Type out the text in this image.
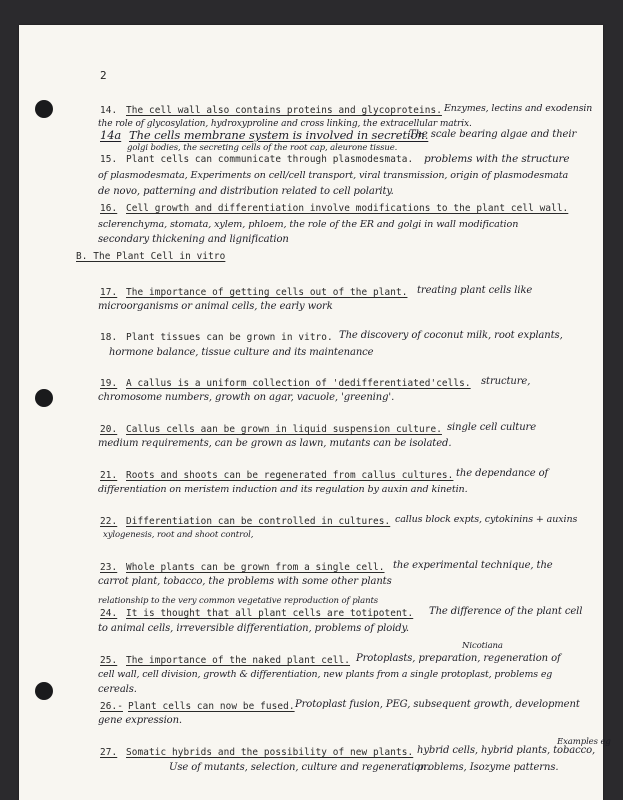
2
14. The cell wall also contains proteins and glycoproteins. Enzymes, lectins and exodensin
the role of glycosylation, hydroxyproline and cross linking, the extracellular matrix.
14a The cells membrane system is involved in secretion.
The scale bearing algae and their
golgi bodies, the secreting cells of the root cap, aleurone tissue.
15. Plant cells can communicate through plasmodesmata. problems with the structure
of plasmodesmata, Experiments on cell/cell transport, viral transmission, origin of plasmodesmata
de novo, patterning and distribution related to cell polarity.
16. Cell growth and differentiation involve modifications to the plant cell wall.
sclerenchyma, stomata, xylem, phloem, the role of the ER and golgi in wall modification
secondary thickening and lignification
B. The Plant Cell in vitro
17. The importance of getting cells out of the plant. treating plant cells like
microorganisms or animal cells, the early work
18. Plant tissues can be grown in vitro. The discovery of coconut milk, root explants,
hormone balance, tissue culture and its maintenance
19. A callus is a uniform collection of 'dedifferentiated'cells. structure,
chromosome numbers, growth on agar, vacuole, 'greening'.
20. Callus cells aan be grown in liquid suspension culture. single cell culture
medium requirements, can be grown as lawn, mutants can be isolated.
21. Roots and shoots can be regenerated from callus cultures. the dependance of
differentiation on meristem induction and its regulation by auxin and kinetin.
22. Differentiation can be controlled in cultures. callus block expts, cytokinins + auxins
xylogenesis, root and shoot control,
23. Whole plants can be grown from a single cell. the experimental technique, the
carrot plant, tobacco, the problems with some other plants
relationship to the very common vegetative reproduction of plants
24. It is thought that all plant cells are totipotent. The difference of the plant cell
to animal cells, irreversible differentiation, problems of ploidy.
Nicotiana
25. The importance of the naked plant cell. Protoplasts, preparation, regeneration of
cell wall, cell division, growth & differentiation, new plants from a single protoplast, problems eg
cereals.
26.- Plant cells can now be fused. Protoplast fusion, PEG, subsequent growth, development
gene expression.
Examples eg
27. Somatic hybrids and the possibility of new plants. hybrid cells, hybrid plants, tobacco,
Use of mutants, selection, culture and regeneration.
problems, Isozyme patterns.
